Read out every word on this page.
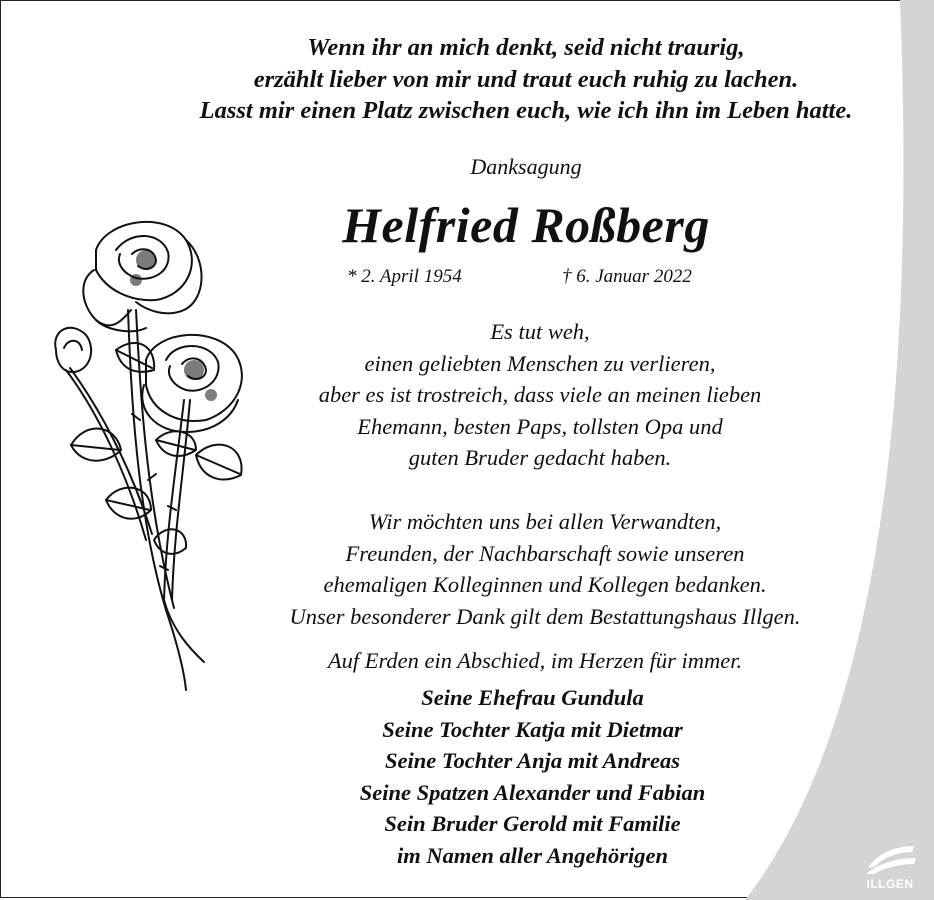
Wenn ihr an mich denkt, seid nicht traurig,
erzählt lieber von mir und traut euch ruhig zu lachen.
Lasst mir einen Platz zwischen euch, wie ich ihn im Leben hatte.
Danksagung
Helfried Roßberg
* 2. April 1954	† 6. Januar 2022
Es tut weh,
einen geliebten Menschen zu verlieren,
aber es ist trostreich, dass viele an meinen lieben
Ehemann, besten Paps, tollsten Opa und
guten Bruder gedacht haben.
Wir möchten uns bei allen Verwandten,
Freunden, der Nachbarschaft sowie unseren
ehemaligen Kolleginnen und Kollegen bedanken.
Unser besonderer Dank gilt dem Bestattungshaus Illgen.
Auf Erden ein Abschied, im Herzen für immer.
Seine Ehefrau Gundula
Seine Tochter Katja mit Dietmar
Seine Tochter Anja mit Andreas
Seine Spatzen Alexander und Fabian
Sein Bruder Gerold mit Familie
im Namen aller Angehörigen
ILLGEN
